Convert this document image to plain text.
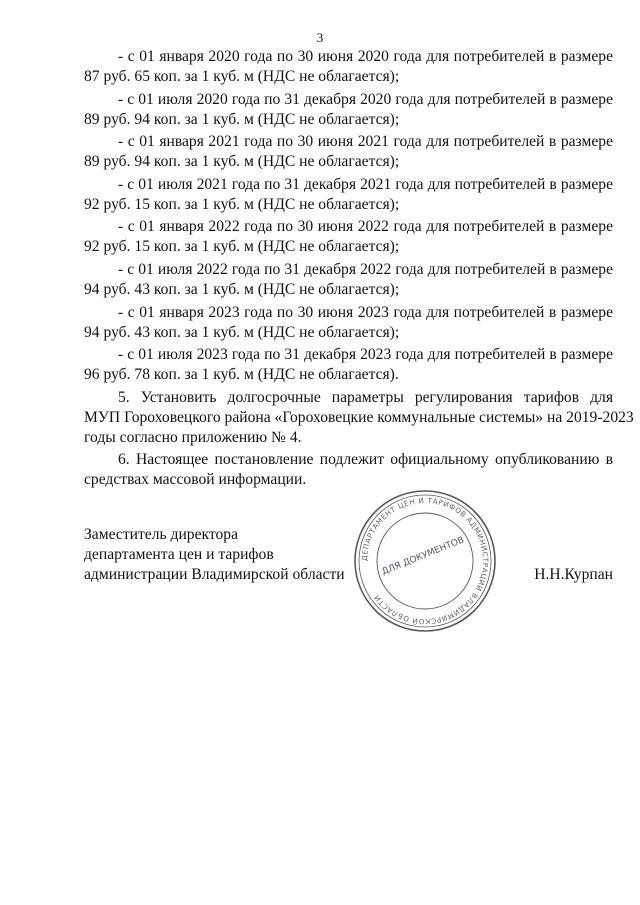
3

- с 01 января 2020 года по 30 июня 2020 года для потребителей в размере
87 руб. 65 коп. за 1 куб. м (НДС не облагается);

- с 01 июля 2020 года по 31 декабря 2020 года для потребителей в размере
89 руб. 94 коп. за 1 куб. м (НДС не облагается);

- с 01 января 2021 года по 30 июня 2021 года для потребителей в размере
89 руб. 94 коп. за 1 куб. м (НДС не облагается);

- с 01 июля 2021 года по 31 декабря 2021 года для потребителей в размере
92 руб. 15 коп. за 1 куб. м (НДС не облагается);

- с 01 января 2022 года по 30 июня 2022 года для потребителей в размере
92 руб. 15 коп. за 1 куб. м (НДС не облагается);

- с 01 июля 2022 года по 31 декабря 2022 года для потребителей в размере
94 руб. 43 коп. за 1 куб. м (НДС не облагается);

- с 01 января 2023 года по 30 июня 2023 года для потребителей в размере
94 руб. 43 коп. за 1 куб. м (НДС не облагается);

- с 01 июля 2023 года по 31 декабря 2023 года для потребителей в размере
96 руб. 78 коп. за 1 куб. м (НДС не облагается).

5. Установить долгосрочные параметры регулирования тарифов для
МУП Гороховецкого района «Гороховецкие коммунальные системы» на 2019-2023
годы согласно приложению № 4.

6. Настоящее постановление подлежит официальному опубликованию в
средствах массовой информации.

ДЕПАРТАМЕНТ ЦЕН И ТАРИФОВ АДМИНИСТРАЦИИ ВЛАДИМИРСКОЙ ОБЛАСТИ
ДЛЯ ДОКУМЕНТОВ
Заместитель директора
департамента цен и тарифов
администрации Владимирской области	Н.Н.Курпан
